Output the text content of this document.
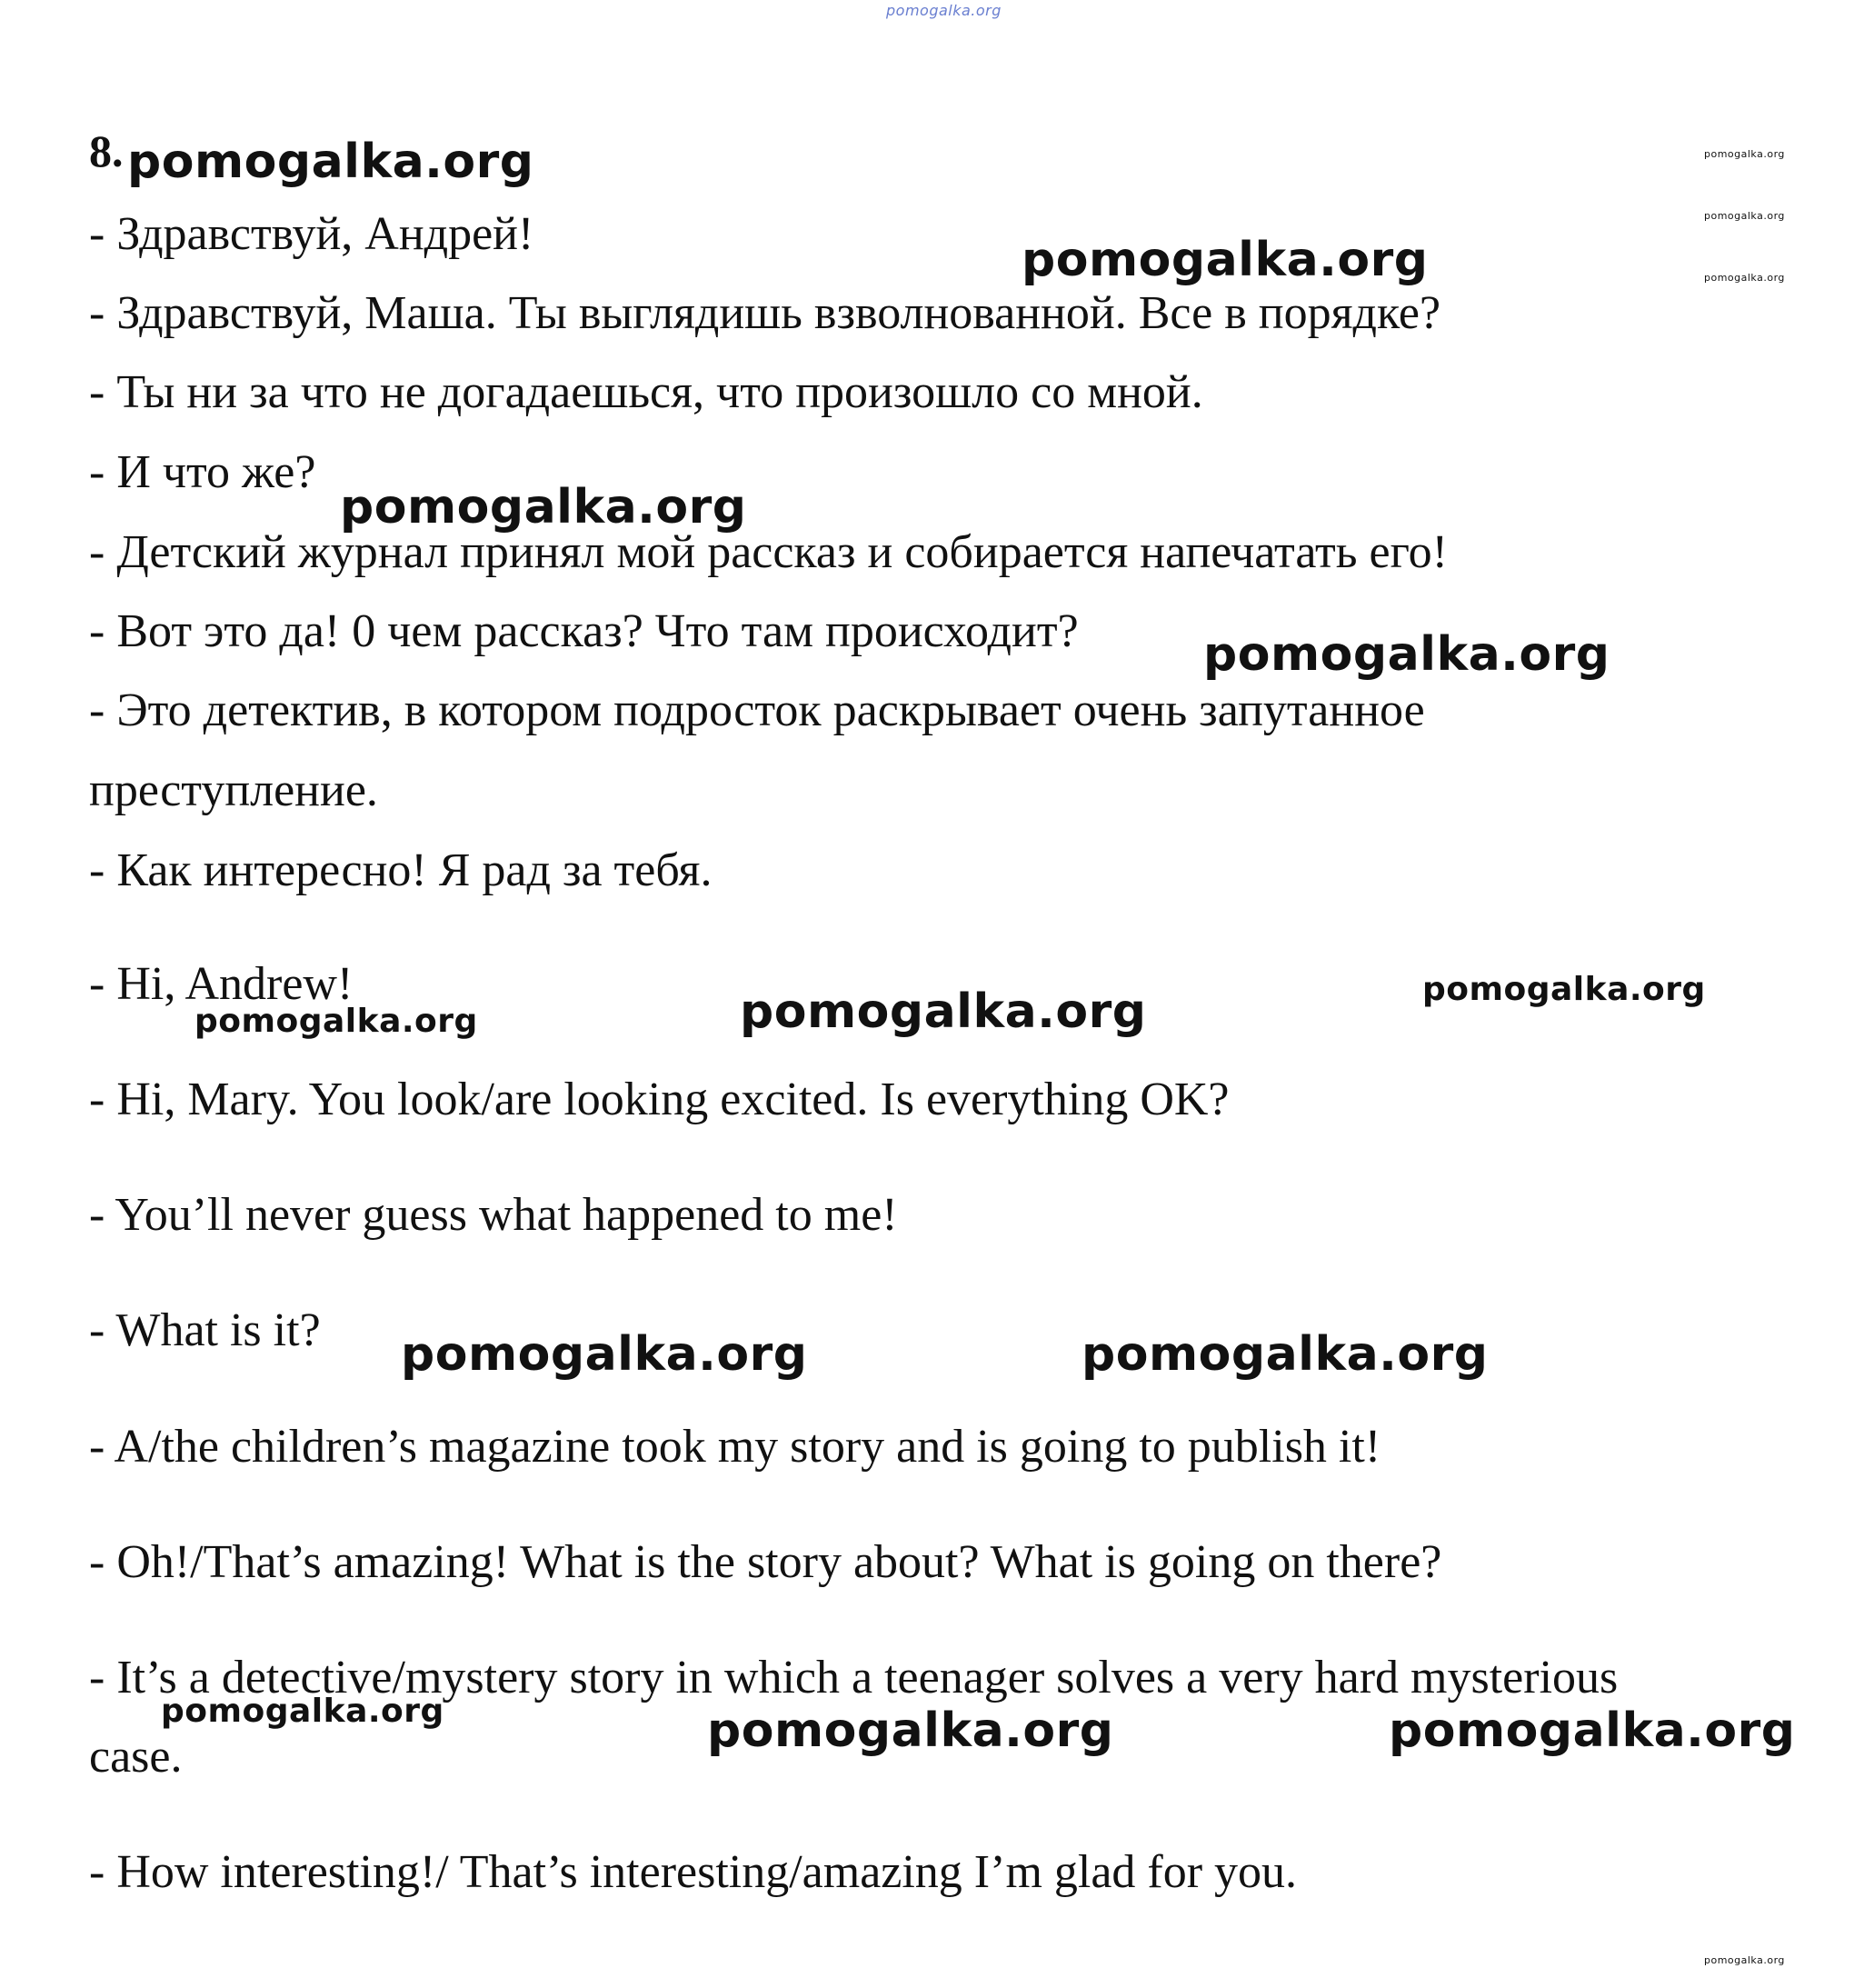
pomogalka.org
8.

- Здравствуй, Андрей!

- Здравствуй, Маша. Ты выглядишь взволнованной. Все в порядке?

- Ты ни за что не догадаешься, что произошло со мной.

- И что же?

- Детский журнал принял мой рассказ и собирается напечатать его!

- Вот это да! 0 чем рассказ? Что там происходит?

- Это детектив, в котором подросток раскрывает очень запутанное

преступление.

- Как интересно! Я рад за тебя.

- Hi, Andrew!

- Hi, Mary. You look/are looking excited. Is everything OK?

- You’ll never guess what happened to me!

- What is it?

- A/the children’s magazine took my story and is going to publish it!

- Oh!/That’s amazing! What is the story about? What is going on there?

- It’s a detective/mystery story in which a teenager solves a very hard mysterious

case.

- How interesting!/ That’s interesting/amazing I’m glad for you.

pomogalka.org	pomogalka.org
pomogalka.org
pomogalka.org
pomogalka.org
pomogalka.org
pomogalka.org
pomogalka.org
pomogalka.org	pomogalka.org
pomogalka.org	pomogalka.org
pomogalka.org	pomogalka.org	pomogalka.org
pomogalka.org
